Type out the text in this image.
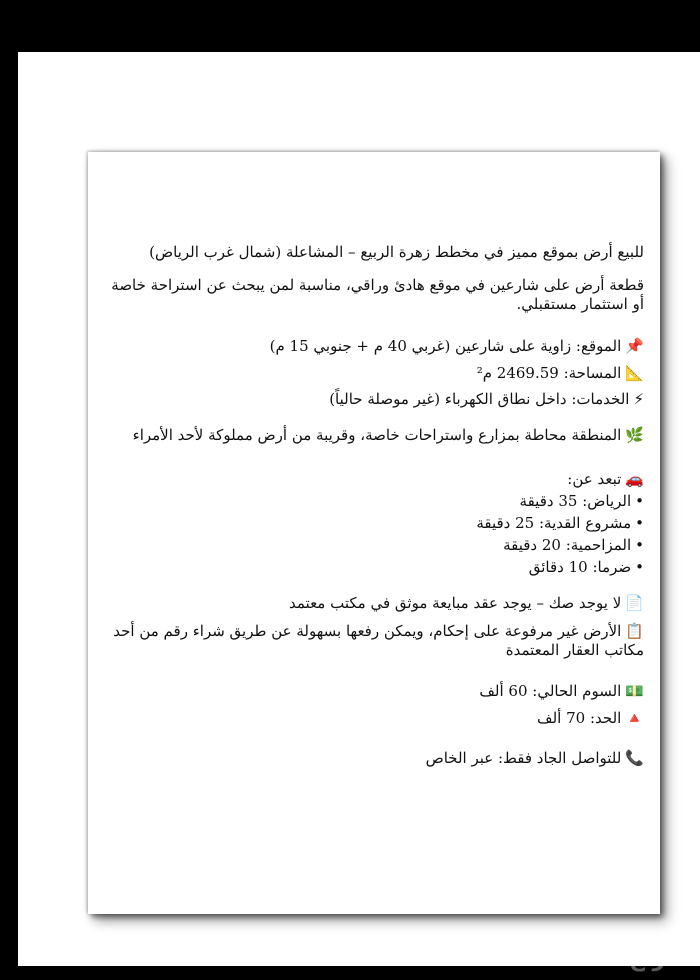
للبيع أرض بموقع مميز في مخطط زهرة الربيع – المشاعلة (شمال غرب الرياض)
قطعة أرض على شارعين في موقع هادئ وراقي، مناسبة لمن يبحث عن استراحة خاصة أو استثمار مستقبلي.
📌الموقع: زاوية على شارعين (غربي 40 م + جنوبي 15 م)
📐المساحة: 2469.59 م²
⚡الخدمات: داخل نطاق الكهرباء (غير موصلة حالياً)
🌿المنطقة محاطة بمزارع واستراحات خاصة، وقريبة من أرض مملوكة لأحد الأمراء
🚗تبعد عن:
•الرياض: 35 دقيقة
•مشروع القدية: 25 دقيقة
•المزاحمية: 20 دقيقة
•ضرما: 10 دقائق
📄لا يوجد صك – يوجد عقد مبايعة موثق في مكتب معتمد
📋الأرض غير مرفوعة على إحكام، ويمكن رفعها بسهولة عن طريق شراء رقم من أحد مكاتب العقار المعتمدة
💵السوم الحالي: 60 ألف
🔺الحد: 70 ألف
📞للتواصل الجاد فقط: عبر الخاص
حراج
